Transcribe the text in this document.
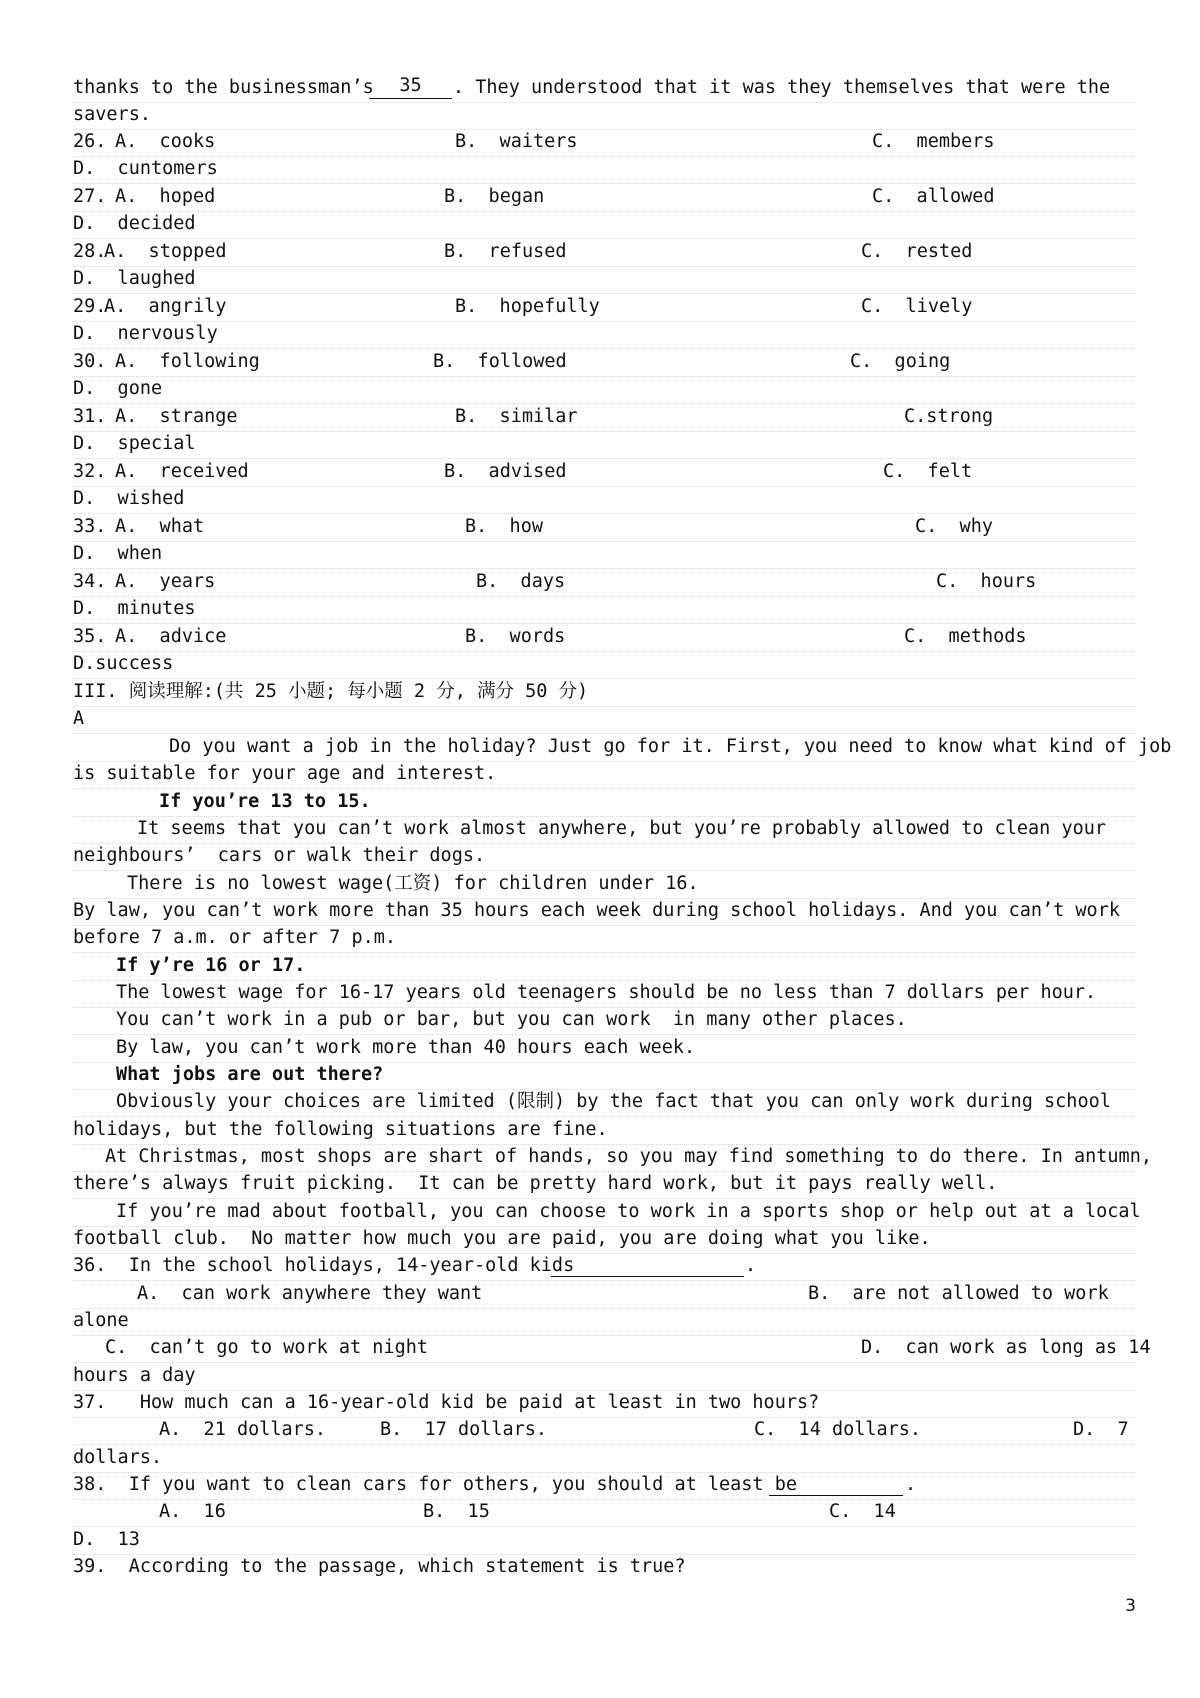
thanks to the businessman’s

	35

	. They understood that it was they themselves that were the

savers.

26.

A.  cooks

	B.  waiters

	C.  members

D.  cuntomers

27.

A.  hoped

	B.  began

	C.  allowed

D.  decided

28.

A.  stopped

	B.  refused

	C.  rested

D.  laughed

29.

A.  angrily

	B.  hopefully

	C.  lively

D.  nervously

30.

A.  following

	B.  followed

	C.  going

D.  gone

31.

A.  strange

	B.  similar

	C.strong

D.  special

32.

A.  received

	B.  advised

	C.  felt

D.  wished

33.

A.  what

	B.  how

	C.  why

D.  when

34.

A.  years

	B.  days

	C.  hours

D.  minutes

35.

A.  advice

	B.  words

	C.  methods

D.success

III. 阅读理解:(共 25 小题; 每小题 2 分, 满分 50 分)

A

Do you want a job in the holiday? Just go for it. First, you need to know what kind of job

is suitable for your age and interest.

If you’re 13 to 15.

It seems that you can’t work almost anywhere, but you’re probably allowed to clean your

neighbours’  cars or walk their dogs.

There is no lowest wage(工资) for children under 16.

By law, you can’t work more than 35 hours each week during school holidays. And you can’t work

before 7 a.m. or after 7 p.m.

If y’re 16 or 17.

The lowest wage for 16-17 years old teenagers should be no less than 7 dollars per hour.

You can’t work in a pub or bar, but you can work  in many other places.

By law, you can’t work more than 40 hours each week.

What jobs are out there?

Obviously your choices are limited (限制) by the fact that you can only work during school

holidays, but the following situations are fine.

At Christmas, most shops are shart of hands, so you may find something to do there. In antumn,

there’s always fruit picking.  It can be pretty hard work, but it pays really well.

If you’re mad about football, you can choose to work in a sports shop or help out at a local

football club.  No matter how much you are paid, you are doing what you like.

36.  In the school holidays, 14-year-old kids

	.

A.  can work anywhere they want

	B.  are not allowed to work

alone

C.  can’t go to work at night

	D.  can work as long as 14

hours a day

37.   How much can a 16-year-old kid be paid at least in two hours?

A.  21 dollars.

	B.  17 dollars.

	C.  14 dollars.

	D.  7

dollars.

38.  If you want to clean cars for others, you should at least be

	.

A.  16

	B.  15

	C.  14

D.  13

39.  According to the passage, which statement is true?

3
